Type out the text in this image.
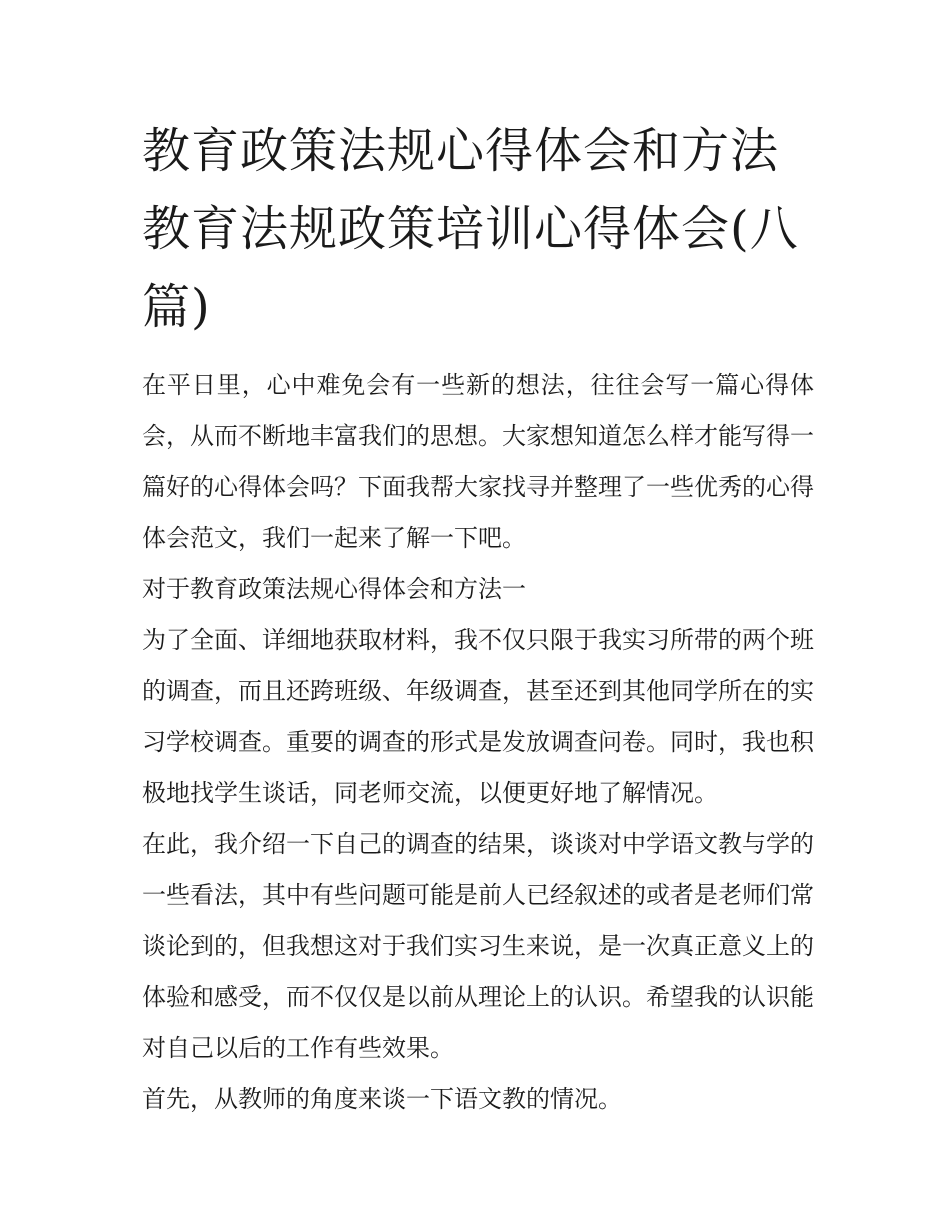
教育政策法规心得体会和方法 教育法规政策培训心得体会(八篇)

在平日里，心中难免会有一些新的想法，往往会写一篇心得体会，从而不断地丰富我们的思想。大家想知道怎么样才能写得一篇好的心得体会吗？下面我帮大家找寻并整理了一些优秀的心得体会范文，我们一起来了解一下吧。

对于教育政策法规心得体会和方法一

为了全面、详细地获取材料，我不仅只限于我实习所带的两个班的调查，而且还跨班级、年级调查，甚至还到其他同学所在的实习学校调查。重要的调查的形式是发放调查问卷。同时，我也积极地找学生谈话，同老师交流，以便更好地了解情况。

在此，我介绍一下自己的调查的结果，谈谈对中学语文教与学的一些看法，其中有些问题可能是前人已经叙述的或者是老师们常谈论到的，但我想这对于我们实习生来说，是一次真正意义上的体验和感受，而不仅仅是以前从理论上的认识。希望我的认识能对自己以后的工作有些效果。

首先，从教师的角度来谈一下语文教的情况。
